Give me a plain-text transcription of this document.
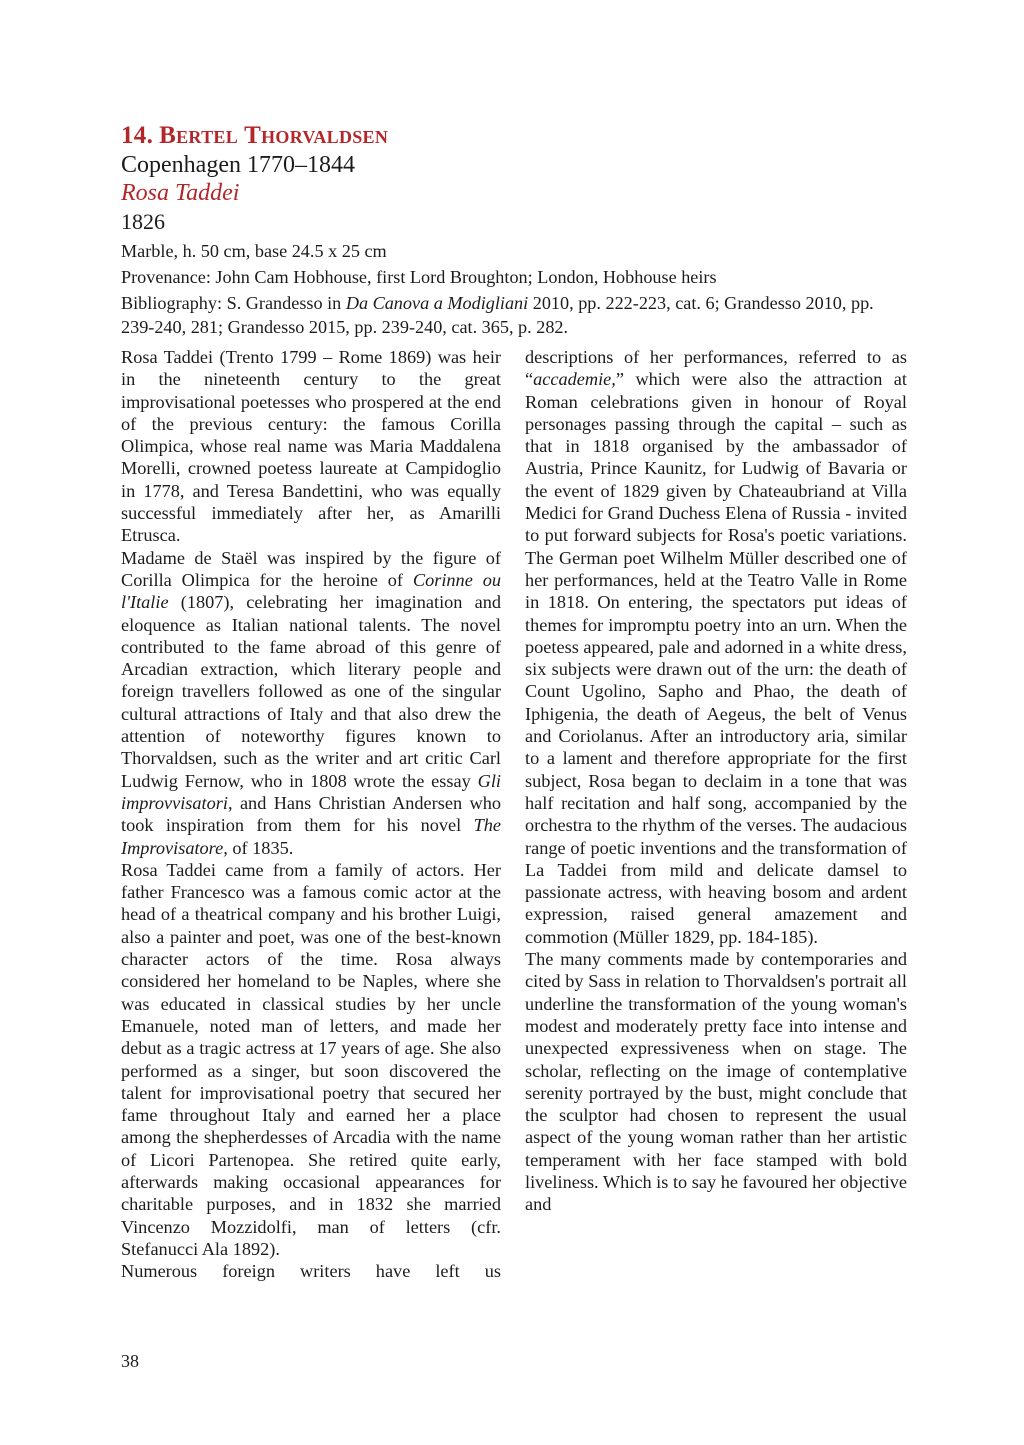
14. Bertel Thorvaldsen
Copenhagen 1770–1844
Rosa Taddei
1826
Marble, h. 50 cm, base 24.5 x 25 cm
Provenance: John Cam Hobhouse, first Lord Broughton; London, Hobhouse heirs
Bibliography: S. Grandesso in Da Canova a Modigliani 2010, pp. 222-223, cat. 6; Grandesso 2010, pp. 239-240, 281; Grandesso 2015, pp. 239-240, cat. 365, p. 282.

Rosa Taddei (Trento 1799 – Rome 1869) was heir in the nineteenth century to the great improvisational poetesses who prospered at the end of the previous century: the famous Corilla Olimpica, whose real name was Maria Maddalena Morelli, crowned poetess laureate at Campidoglio in 1778, and Teresa Bandettini, who was equally successful immediately after her, as Amarilli Etrusca.

Madame de Staël was inspired by the figure of Corilla Olimpica for the heroine of Corinne ou l'Italie (1807), celebrating her imagination and eloquence as Italian national talents. The novel contributed to the fame abroad of this genre of Arcadian extraction, which literary people and foreign travellers followed as one of the singular cultural attractions of Italy and that also drew the attention of noteworthy figures known to Thorvaldsen, such as the writer and art critic Carl Ludwig Fernow, who in 1808 wrote the essay Gli improvvisatori, and Hans Christian Andersen who took inspiration from them for his novel The Improvisatore, of 1835.

Rosa Taddei came from a family of actors. Her father Francesco was a famous comic actor at the head of a theatrical company and his brother Luigi, also a painter and poet, was one of the best-known character actors of the time. Rosa always considered her homeland to be Naples, where she was educated in classical studies by her uncle Emanuele, noted man of letters, and made her debut as a tragic actress at 17 years of age. She also performed as a singer, but soon discovered the talent for improvisational poetry that secured her fame throughout Italy and earned her a place among the shepherdesses of Arcadia with the name of Licori Partenopea. She retired quite early, afterwards making occasional appearances for charitable purposes, and in 1832 she married Vincenzo Mozzidolfi, man of letters (cfr. Stefanucci Ala 1892).

Numerous foreign writers have left us

descriptions of her performances, referred to as “accademie,” which were also the attraction at Roman celebrations given in honour of Royal personages passing through the capital – such as that in 1818 organised by the ambassador of Austria, Prince Kaunitz, for Ludwig of Bavaria or the event of 1829 given by Chateaubriand at Villa Medici for Grand Duchess Elena of Russia - invited to put forward subjects for Rosa's poetic variations. The German poet Wilhelm Müller described one of her performances, held at the Teatro Valle in Rome in 1818. On entering, the spectators put ideas of themes for impromptu poetry into an urn. When the poetess appeared, pale and adorned in a white dress, six subjects were drawn out of the urn: the death of Count Ugolino, Sapho and Phao, the death of Iphigenia, the death of Aegeus, the belt of Venus and Coriolanus. After an introductory aria, similar to a lament and therefore appropriate for the first subject, Rosa began to declaim in a tone that was half recitation and half song, accompanied by the orchestra to the rhythm of the verses. The audacious range of poetic inventions and the transformation of La Taddei from mild and delicate damsel to passionate actress, with heaving bosom and ardent expression, raised general amazement and commotion (Müller 1829, pp. 184-185).

The many comments made by contemporaries and cited by Sass in relation to Thorvaldsen's portrait all underline the transformation of the young woman's modest and moderately pretty face into intense and unexpected expressiveness when on stage. The scholar, reflecting on the image of contemplative serenity portrayed by the bust, might conclude that the sculptor had chosen to represent the usual aspect of the young woman rather than her artistic temperament with her face stamped with bold liveliness. Which is to say he favoured her objective and

38
